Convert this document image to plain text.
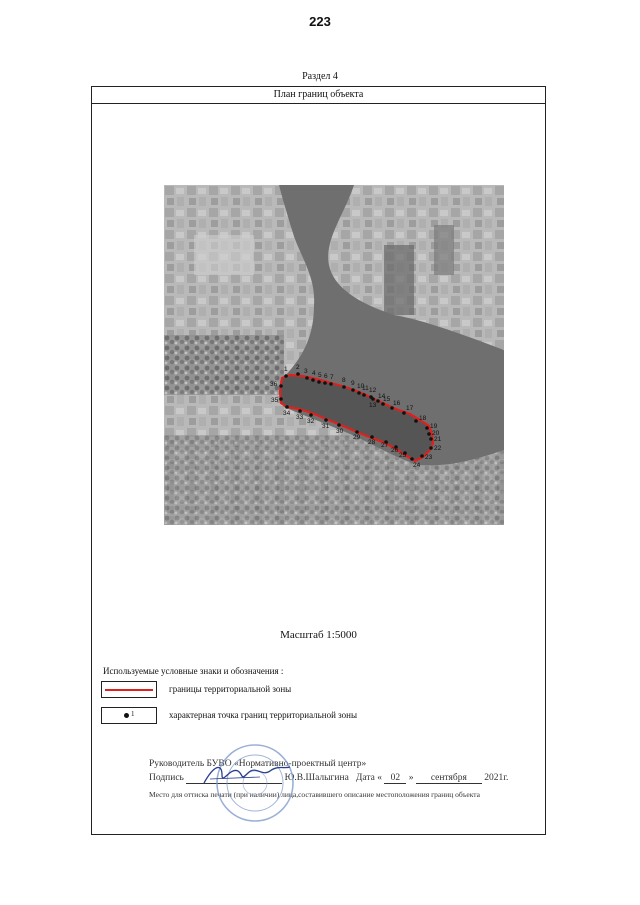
223
Раздел 4
План границ объекта
1 2
3 4 5 6 7 8 9 10
11 12
13
14
15
16
17
18
19
20
21
22
23
24
25
26
27
28
29
30
31
32
33
34
35
36
Масштаб 1:5000
Используемые условные знаки и обозначения :
границы территориальной зоны
1	характерная точка границ территориальной зоны
Руководитель БУВО «Нормативно-проектный центр»
Подпись	Ю.В.Шалыгина Дата « 02 » сентября 2021г.
Место для оттиска печати (при наличии) лица,составившего описание местоположения границ объекта
